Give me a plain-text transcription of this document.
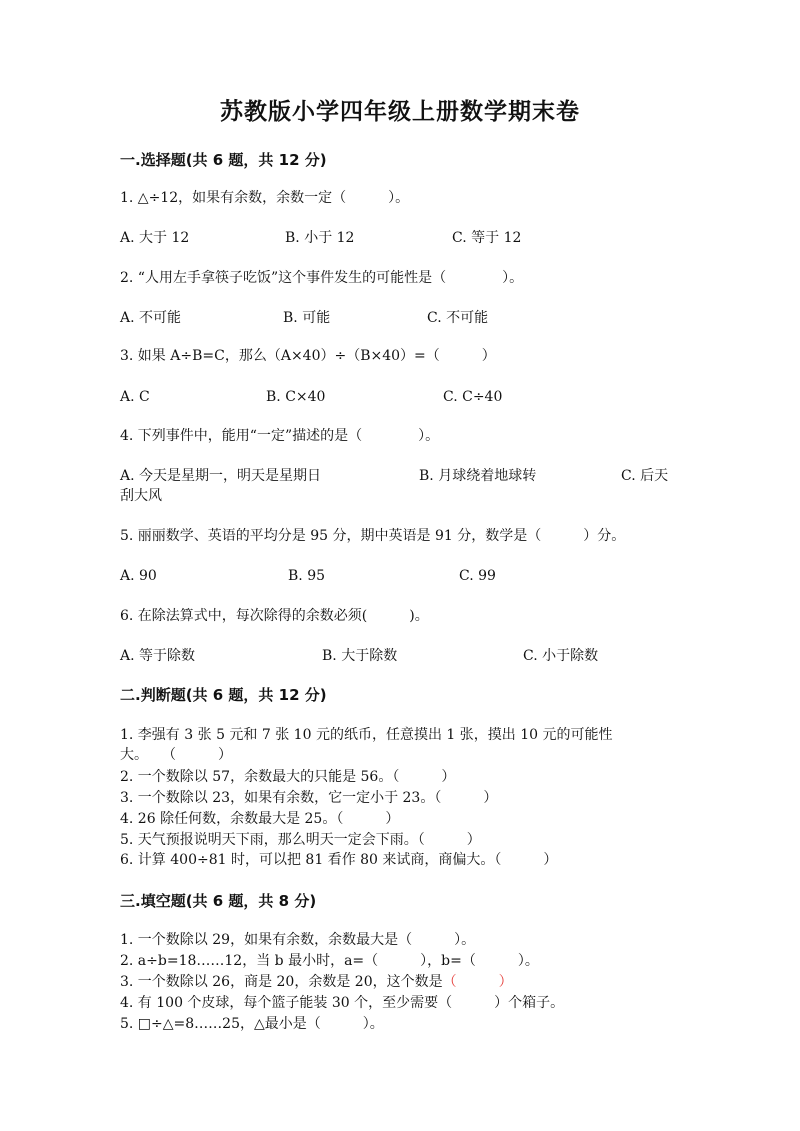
苏教版小学四年级上册数学期末卷
一.选择题(共 6 题，共 12 分)
1. △÷12，如果有余数，余数一定（　　　）。
A. 大于 12	B. 小于 12	C. 等于 12
2. “人用左手拿筷子吃饭”这个事件发生的可能性是（　　　　）。
A. 不可能	B. 可能	C. 不可能
3. 如果 A÷B=C，那么（A×40）÷（B×40）=（　　　）
A. C	B. C×40	C. C÷40
4. 下列事件中，能用“一定”描述的是（　　　　）。
A. 今天是星期一，明天是星期日	B. 月球绕着地球转	C. 后天
刮大风
5. 丽丽数学、英语的平均分是 95 分，期中英语是 91 分，数学是（　　　）分。
A. 90	B. 95	C. 99
6. 在除法算式中，每次除得的余数必须(　　　)。
A. 等于除数	B. 大于除数	C. 小于除数
二.判断题(共 6 题，共 12 分)
1. 李强有 3 张 5 元和 7 张 10 元的纸币，任意摸出 1 张，摸出 10 元的可能性
大。　　（　　　）
2. 一个数除以 57，余数最大的只能是 56。（　　　）
3. 一个数除以 23，如果有余数，它一定小于 23。（　　　）
4. 26 除任何数，余数最大是 25。（　　　）
5. 天气预报说明天下雨，那么明天一定会下雨。（　　　）
6. 计算 400÷81 时，可以把 81 看作 80 来试商，商偏大。（　　　）
三.填空题(共 6 题，共 8 分)
1. 一个数除以 29，如果有余数，余数最大是（　　　）。
2. a÷b=18……12，当 b 最小时，a=（　　　），b=（　　　）。
3. 一个数除以 26，商是 20，余数是 20，这个数是（　　　）
4. 有 100 个皮球，每个篮子能装 30 个，至少需要（　　　）个箱子。
5. □÷△=8……25，△最小是（　　　）。
